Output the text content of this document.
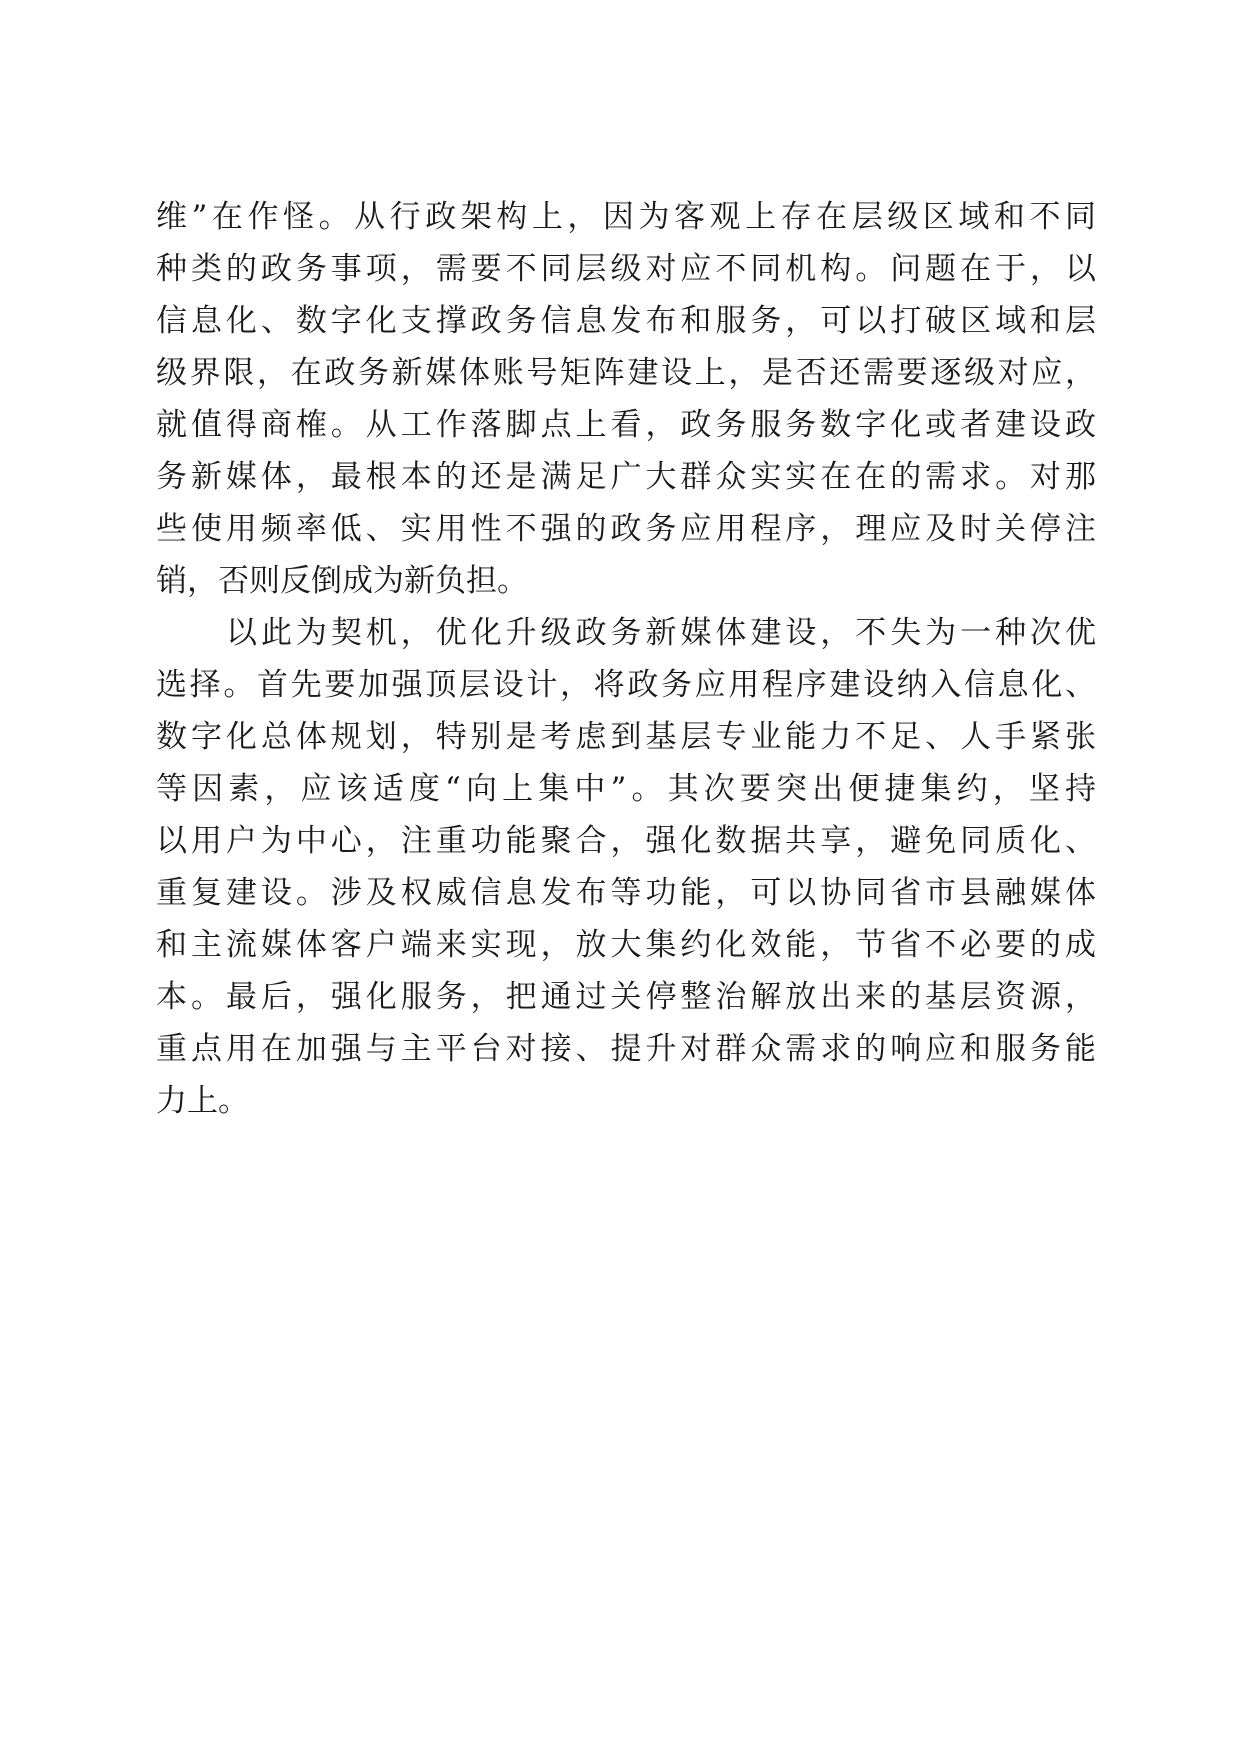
维”在作怪。从行政架构上，因为客观上存在层级区域和不同
种类的政务事项，需要不同层级对应不同机构。问题在于，以
信息化、数字化支撑政务信息发布和服务，可以打破区域和层
级界限，在政务新媒体账号矩阵建设上，是否还需要逐级对应，
就值得商榷。从工作落脚点上看，政务服务数字化或者建设政
务新媒体，最根本的还是满足广大群众实实在在的需求。对那
些使用频率低、实用性不强的政务应用程序，理应及时关停注
销，否则反倒成为新负担。
以此为契机，优化升级政务新媒体建设，不失为一种次优
选择。首先要加强顶层设计，将政务应用程序建设纳入信息化、
数字化总体规划，特别是考虑到基层专业能力不足、人手紧张
等因素，应该适度“向上集中”。其次要突出便捷集约，坚持
以用户为中心，注重功能聚合，强化数据共享，避免同质化、
重复建设。涉及权威信息发布等功能，可以协同省市县融媒体
和主流媒体客户端来实现，放大集约化效能，节省不必要的成
本。最后，强化服务，把通过关停整治解放出来的基层资源，
重点用在加强与主平台对接、提升对群众需求的响应和服务能
力上。
